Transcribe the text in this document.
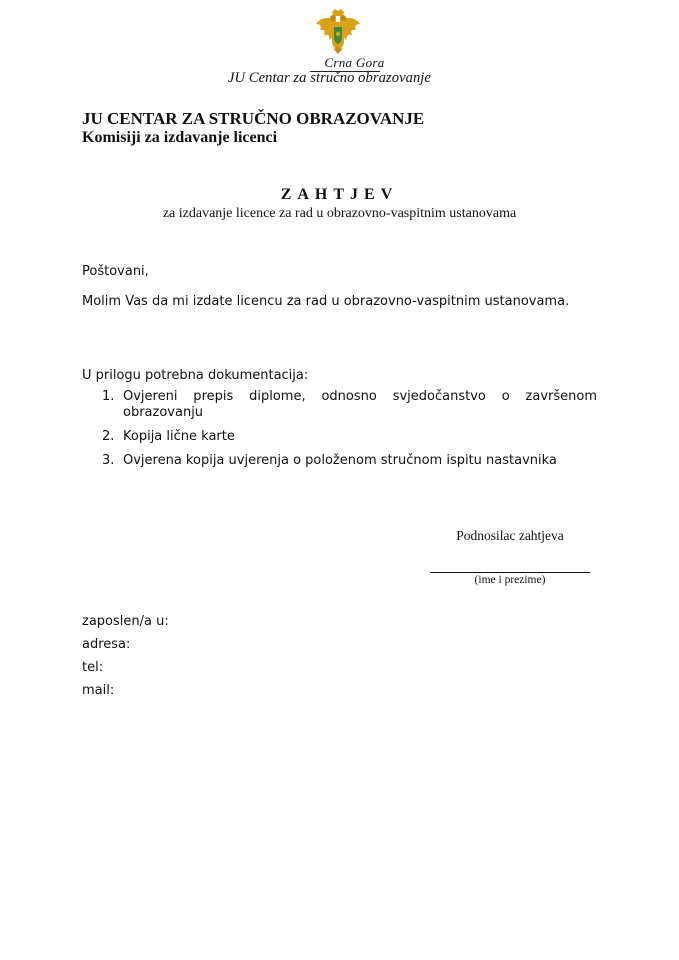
Crna Gora
JU Centar za stručno obrazovanje
JU CENTAR ZA STRUČNO OBRAZOVANJE
Komisiji za izdavanje licenci
ZAHTJEV
za izdavanje licence za rad u obrazovno-vaspitnim ustanovama
Poštovani,
Molim Vas da mi izdate licencu za rad u obrazovno-vaspitnim ustanovama.
U prilogu potrebna dokumentacija:
1. Ovjereni prepis diplome, odnosno svjedočanstvo o završenom obrazovanju
2. Kopija lične karte
3. Ovjerena kopija uvjerenja o položenom stručnom ispitu nastavnika
Podnosilac zahtjeva
(ime i prezime)
zaposlen/a u:
adresa:
tel:
mail:
